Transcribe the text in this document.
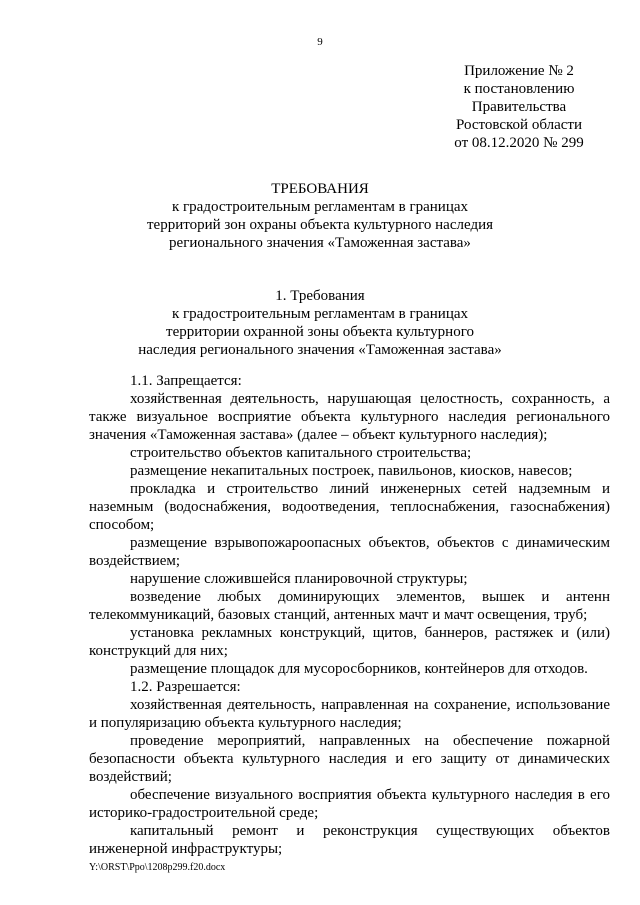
9
Приложение № 2
к постановлению
Правительства
Ростовской области
от 08.12.2020 № 299
ТРЕБОВАНИЯ
к градостроительным регламентам в границах
территорий зон охраны объекта культурного наследия
регионального значения «Таможенная застава»
1. Требования
к градостроительным регламентам в границах
территории охранной зоны объекта культурного
наследия регионального значения «Таможенная застава»

1.1. Запрещается:

хозяйственная деятельность, нарушающая целостность, сохранность, а также визуальное восприятие объекта культурного наследия регионального значения «Таможенная застава» (далее – объект культурного наследия);

строительство объектов капитального строительства;

размещение некапитальных построек, павильонов, киосков, навесов;

прокладка и строительство линий инженерных сетей надземным и наземным (водоснабжения, водоотведения, теплоснабжения, газоснабжения) способом;

размещение взрывопожароопасных объектов, объектов с динамическим воздействием;

нарушение сложившейся планировочной структуры;

возведение любых доминирующих элементов, вышек и антенн телекоммуникаций, базовых станций, антенных мачт и мачт освещения, труб;

установка рекламных конструкций, щитов, баннеров, растяжек и (или) конструкций для них;

размещение площадок для мусоросборников, контейнеров для отходов.

1.2. Разрешается:

хозяйственная деятельность, направленная на сохранение, использование и популяризацию объекта культурного наследия;

проведение мероприятий, направленных на обеспечение пожарной безопасности объекта культурного наследия и его защиту от динамических воздействий;

обеспечение визуального восприятия объекта культурного наследия в его историко-градостроительной среде;

капитальный ремонт и реконструкция существующих объектов инженерной инфраструктуры;

Y:\ORST\Ppo\1208p299.f20.docx
